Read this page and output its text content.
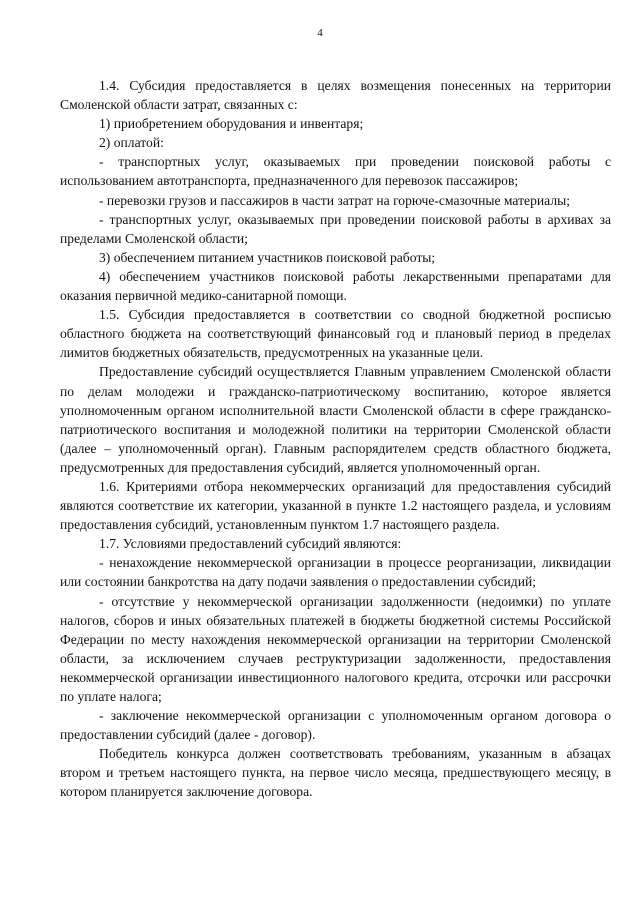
4

1.4. Субсидия предоставляется в целях возмещения понесенных на территории Смоленской области затрат, связанных с:

1) приобретением оборудования и инвентаря;

2) оплатой:

- транспортных услуг, оказываемых при проведении поисковой работы с использованием автотранспорта, предназначенного для перевозок пассажиров;

- перевозки грузов и пассажиров в части затрат на горюче-смазочные материалы;

- транспортных услуг, оказываемых при проведении поисковой работы в архивах за пределами Смоленской области;

3) обеспечением питанием участников поисковой работы;

4) обеспечением участников поисковой работы лекарственными препаратами для оказания первичной медико-санитарной помощи.

1.5. Субсидия предоставляется в соответствии со сводной бюджетной росписью областного бюджета на соответствующий финансовый год и плановый период в пределах лимитов бюджетных обязательств, предусмотренных на указанные цели.

Предоставление субсидий осуществляется Главным управлением Смоленской области по делам молодежи и гражданско-патриотическому воспитанию, которое является уполномоченным органом исполнительной власти Смоленской области в сфере гражданско-патриотического воспитания и молодежной политики на территории Смоленской области (далее – уполномоченный орган). Главным распорядителем средств областного бюджета, предусмотренных для предоставления субсидий, является уполномоченный орган.

1.6. Критериями отбора некоммерческих организаций для предоставления субсидий являются соответствие их категории, указанной в пункте 1.2 настоящего раздела, и условиям предоставления субсидий, установленным пунктом 1.7 настоящего раздела.

1.7. Условиями предоставлений субсидий являются:

- ненахождение некоммерческой организации в процессе реорганизации, ликвидации или состоянии банкротства на дату подачи заявления о предоставлении субсидий;

- отсутствие у некоммерческой организации задолженности (недоимки) по уплате налогов, сборов и иных обязательных платежей в бюджеты бюджетной системы Российской Федерации по месту нахождения некоммерческой организации на территории Смоленской области, за исключением случаев реструктуризации задолженности, предоставления некоммерческой организации инвестиционного налогового кредита, отсрочки или рассрочки по уплате налога;

- заключение некоммерческой организации с уполномоченным органом договора о предоставлении субсидий (далее - договор).

Победитель конкурса должен соответствовать требованиям, указанным в абзацах втором и третьем настоящего пункта, на первое число месяца, предшествующего месяцу, в котором планируется заключение договора.
